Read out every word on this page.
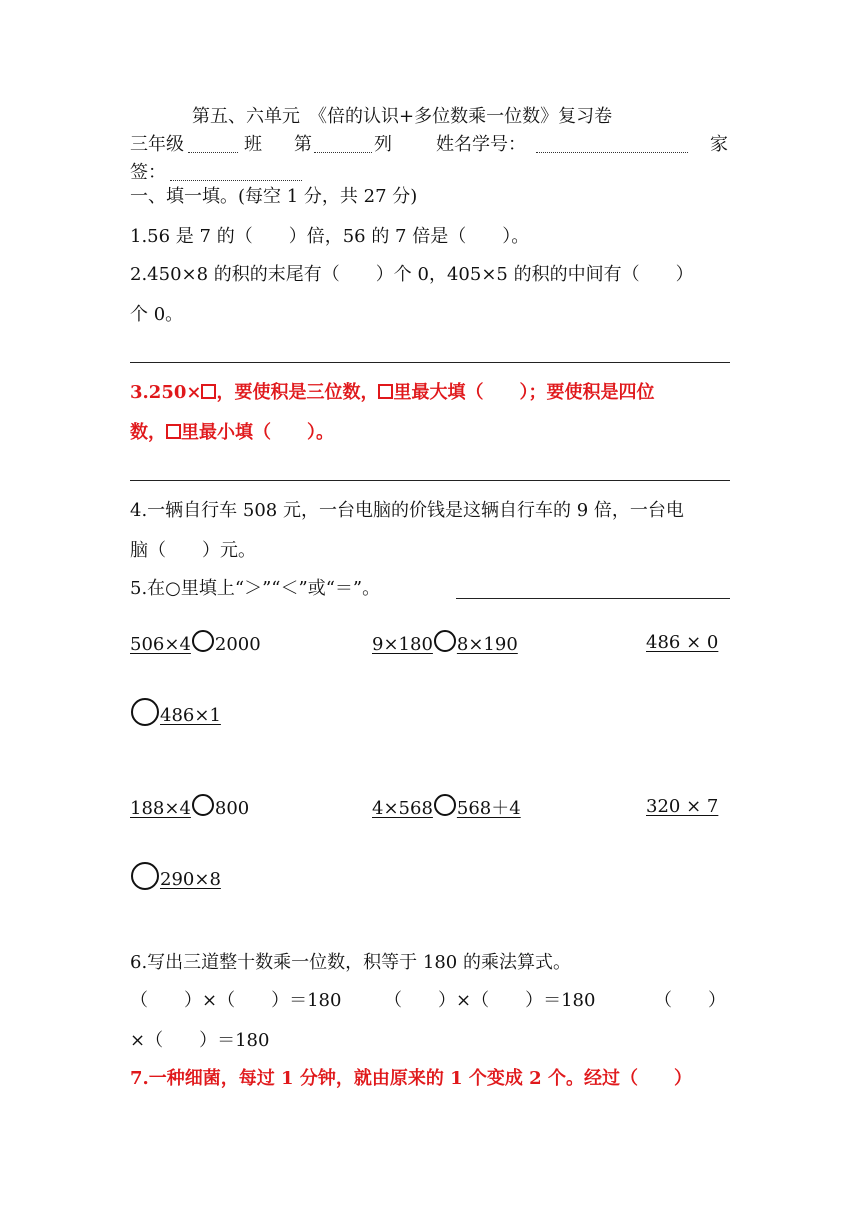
第五、六单元　《倍的认识+多位数乘一位数》复习卷
三年级	班 第	列 姓名学号：	家
签：
一、填一填。(每空 1 分，共 27 分)
1.56 是 7 的（　　）倍，56 的 7 倍是（　　）。
2.450×8 的积的末尾有（　　）个 0，405×5 的积的中间有（　　）
个 0。
3.250× ，要使积是三位数， 里最大填（　　）；要使积是四位
数， 里最小填（　　）。
4.一辆自行车 508 元，一台电脑的价钱是这辆自行车的 9 倍，一台电
脑（　　）元。
5.在○里填上“＞”“＜”或“＝”。
506×4 2000	9×180 8×190	486 × 0
486×1
188×4 800	4×568 568＋4	320 × 7
290×8
6.写出三道整十数乘一位数，积等于 180 的乘法算式。
（　　）×（　　）＝180 （　　）×（　　）＝180	（　　）
×（　　）＝180
7.一种细菌，每过 1 分钟，就由原来的 1 个变成 2 个。经过（　　）
